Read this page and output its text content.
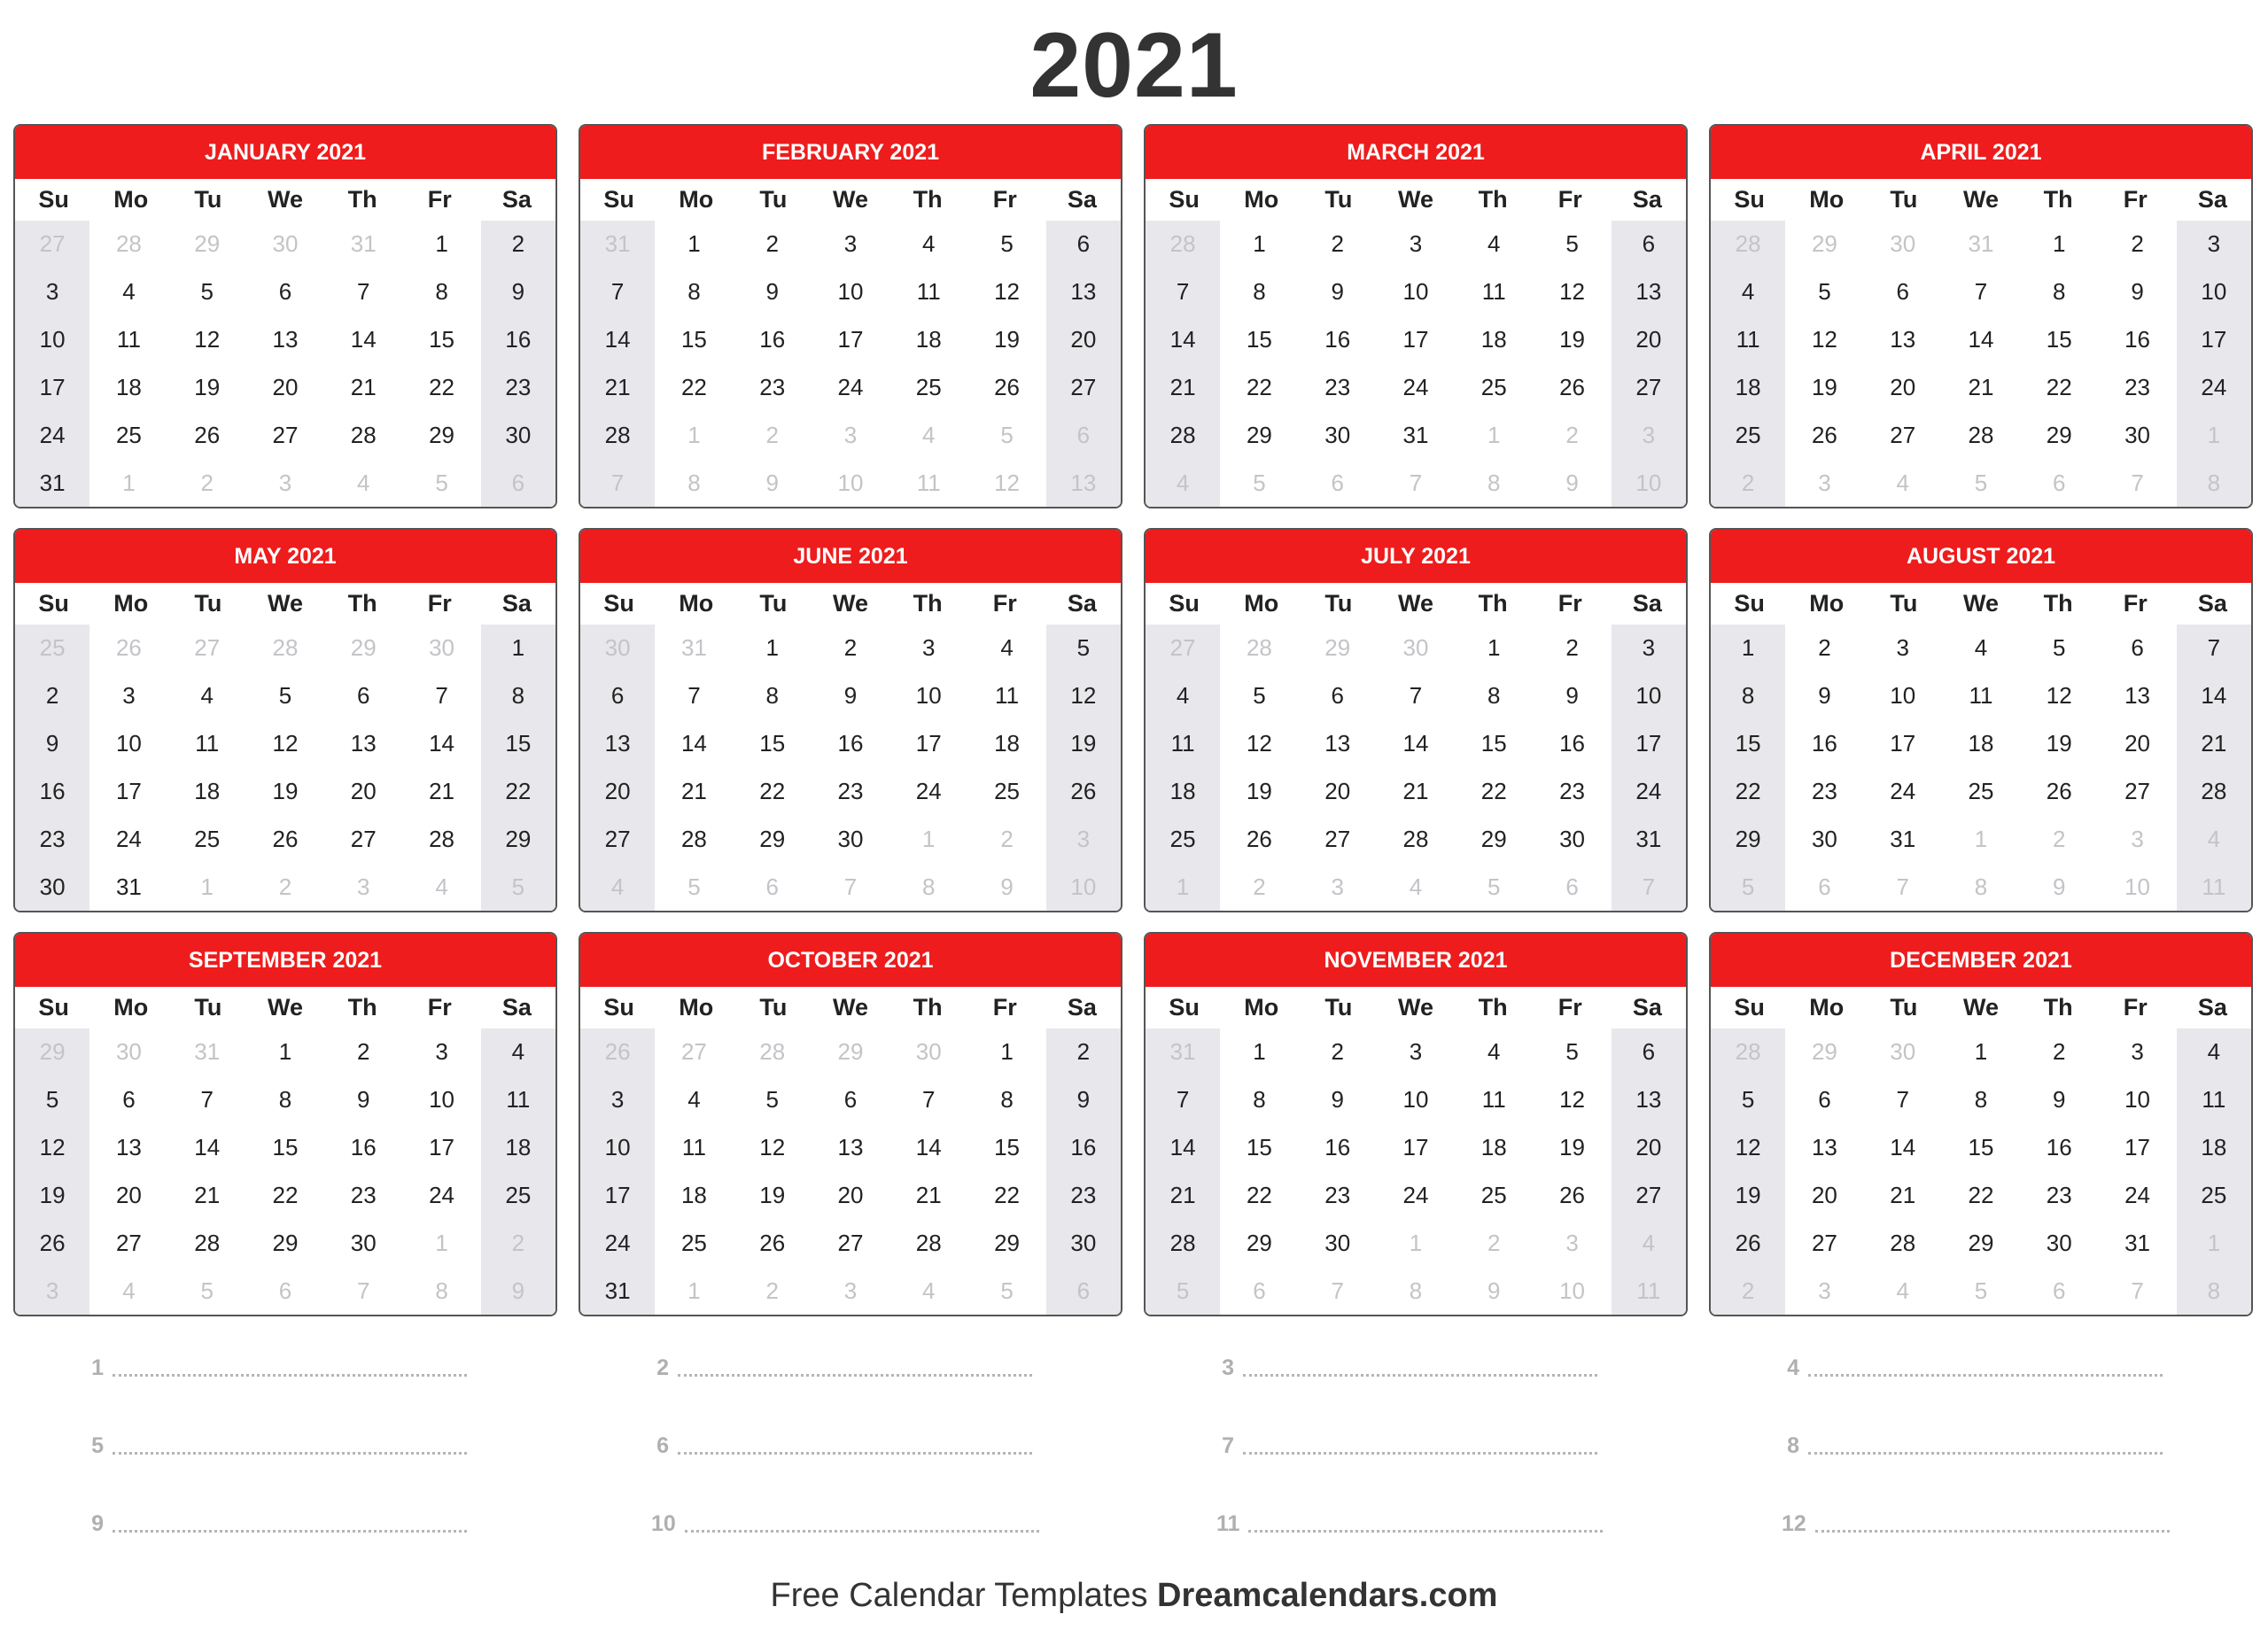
2021
JANUARY 2021
Su	Mo	Tu	We	Th	Fr	Sa
27	28	29	30	31	1	2
3	4	5	6	7	8	9
10	11	12	13	14	15	16
17	18	19	20	21	22	23
24	25	26	27	28	29	30
31	1	2	3	4	5	6
FEBRUARY 2021
Su	Mo	Tu	We	Th	Fr	Sa
31	1	2	3	4	5	6
7	8	9	10	11	12	13
14	15	16	17	18	19	20
21	22	23	24	25	26	27
28	1	2	3	4	5	6
7	8	9	10	11	12	13
MARCH 2021
Su	Mo	Tu	We	Th	Fr	Sa
28	1	2	3	4	5	6
7	8	9	10	11	12	13
14	15	16	17	18	19	20
21	22	23	24	25	26	27
28	29	30	31	1	2	3
4	5	6	7	8	9	10
APRIL 2021
Su	Mo	Tu	We	Th	Fr	Sa
28	29	30	31	1	2	3
4	5	6	7	8	9	10
11	12	13	14	15	16	17
18	19	20	21	22	23	24
25	26	27	28	29	30	1
2	3	4	5	6	7	8
MAY 2021
Su	Mo	Tu	We	Th	Fr	Sa
25	26	27	28	29	30	1
2	3	4	5	6	7	8
9	10	11	12	13	14	15
16	17	18	19	20	21	22
23	24	25	26	27	28	29
30	31	1	2	3	4	5
JUNE 2021
Su	Mo	Tu	We	Th	Fr	Sa
30	31	1	2	3	4	5
6	7	8	9	10	11	12
13	14	15	16	17	18	19
20	21	22	23	24	25	26
27	28	29	30	1	2	3
4	5	6	7	8	9	10
JULY 2021
Su	Mo	Tu	We	Th	Fr	Sa
27	28	29	30	1	2	3
4	5	6	7	8	9	10
11	12	13	14	15	16	17
18	19	20	21	22	23	24
25	26	27	28	29	30	31
1	2	3	4	5	6	7
AUGUST 2021
Su	Mo	Tu	We	Th	Fr	Sa
1	2	3	4	5	6	7
8	9	10	11	12	13	14
15	16	17	18	19	20	21
22	23	24	25	26	27	28
29	30	31	1	2	3	4
5	6	7	8	9	10	11
SEPTEMBER 2021
Su	Mo	Tu	We	Th	Fr	Sa
29	30	31	1	2	3	4
5	6	7	8	9	10	11
12	13	14	15	16	17	18
19	20	21	22	23	24	25
26	27	28	29	30	1	2
3	4	5	6	7	8	9
OCTOBER 2021
Su	Mo	Tu	We	Th	Fr	Sa
26	27	28	29	30	1	2
3	4	5	6	7	8	9
10	11	12	13	14	15	16
17	18	19	20	21	22	23
24	25	26	27	28	29	30
31	1	2	3	4	5	6
NOVEMBER 2021
Su	Mo	Tu	We	Th	Fr	Sa
31	1	2	3	4	5	6
7	8	9	10	11	12	13
14	15	16	17	18	19	20
21	22	23	24	25	26	27
28	29	30	1	2	3	4
5	6	7	8	9	10	11
DECEMBER 2021
Su	Mo	Tu	We	Th	Fr	Sa
28	29	30	1	2	3	4
5	6	7	8	9	10	11
12	13	14	15	16	17	18
19	20	21	22	23	24	25
26	27	28	29	30	31	1
2	3	4	5	6	7	8
1	2	3	4
5	6	7	8
9	10	11	12
Free Calendar Templates Dreamcalendars.com
